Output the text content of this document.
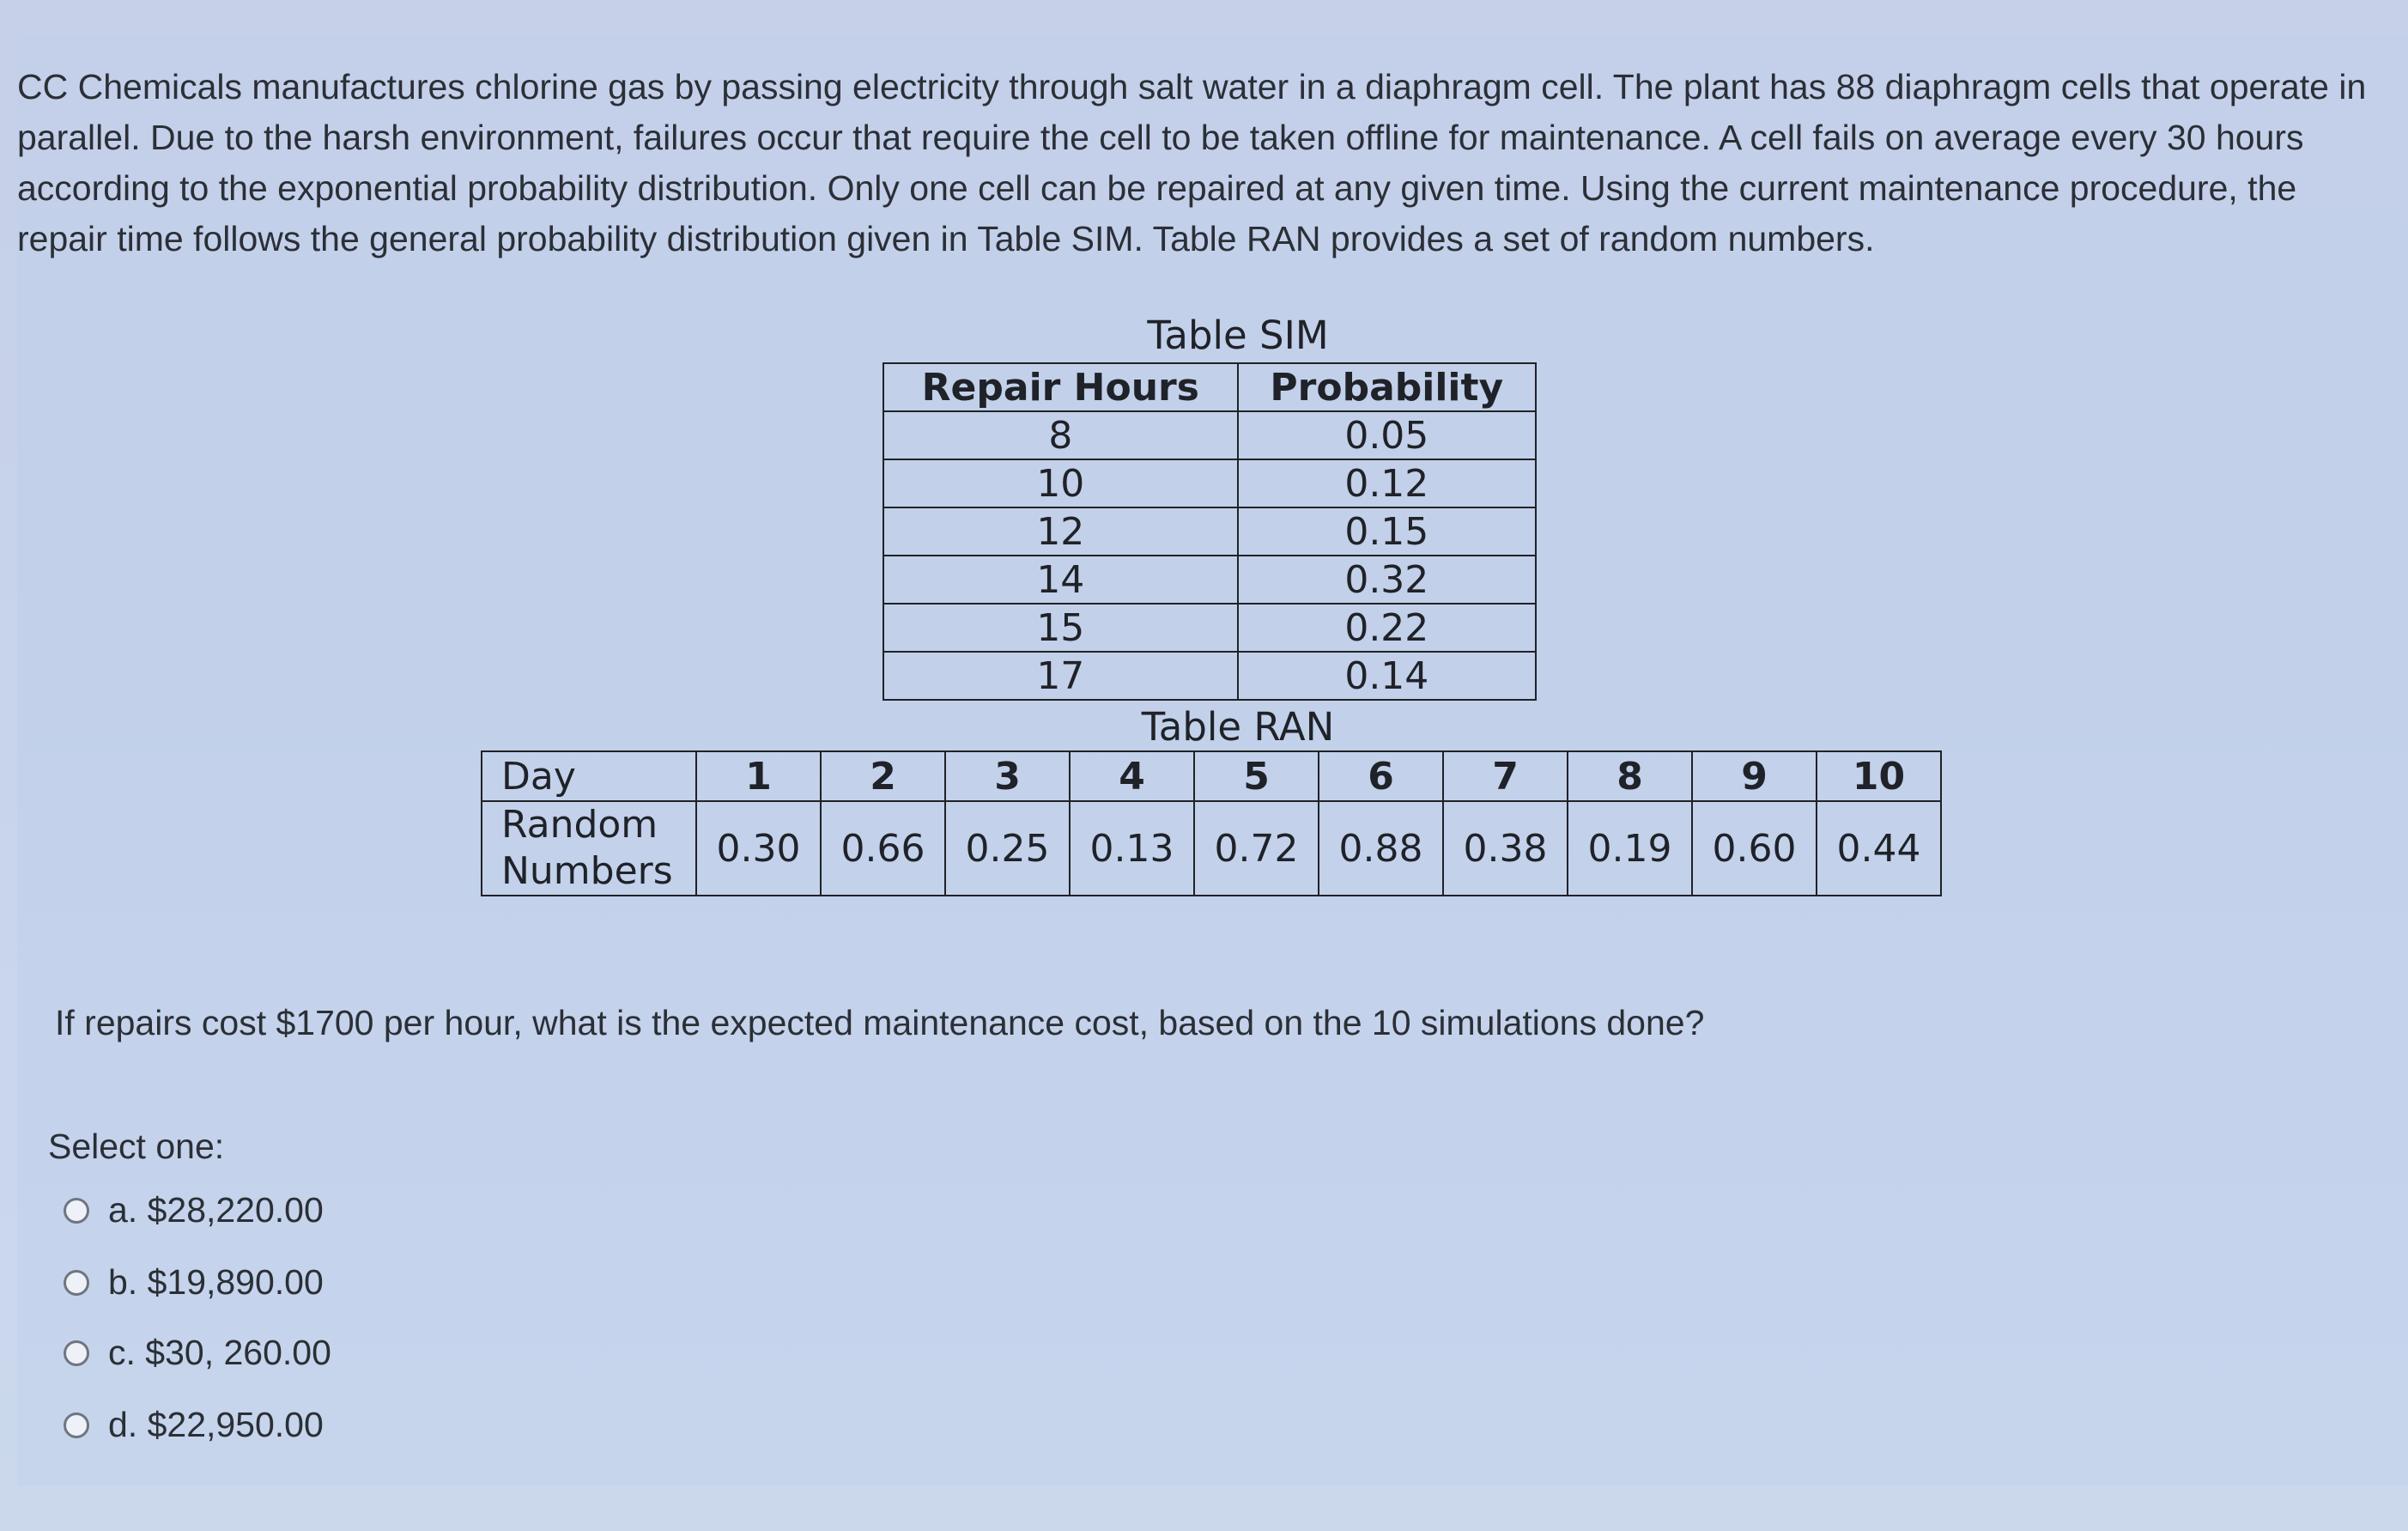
CC Chemicals manufactures chlorine gas by passing electricity through salt water in a diaphragm cell. The plant has 88 diaphragm cells that operate in parallel. Due to the harsh environment, failures occur that require the cell to be taken offline for maintenance. A cell fails on average every 30 hours according to the exponential probability distribution. Only one cell can be repaired at any given time. Using the current maintenance procedure, the repair time follows the general probability distribution given in Table SIM. Table RAN provides a set of random numbers.
Table SIM
Repair Hours	Probability
8	0.05
10	0.12
12	0.15
14	0.32
15	0.22
17	0.14
Table RAN
Day	1	2	3	4	5	6	7	8	9	10
Random
Numbers	0.30	0.66	0.25	0.13	0.72	0.88	0.38	0.19	0.60	0.44
If repairs cost $1700 per hour, what is the expected maintenance cost, based on the 10 simulations done?
Select one:
a. $28,220.00
b. $19,890.00
c. $30, 260.00
d. $22,950.00
